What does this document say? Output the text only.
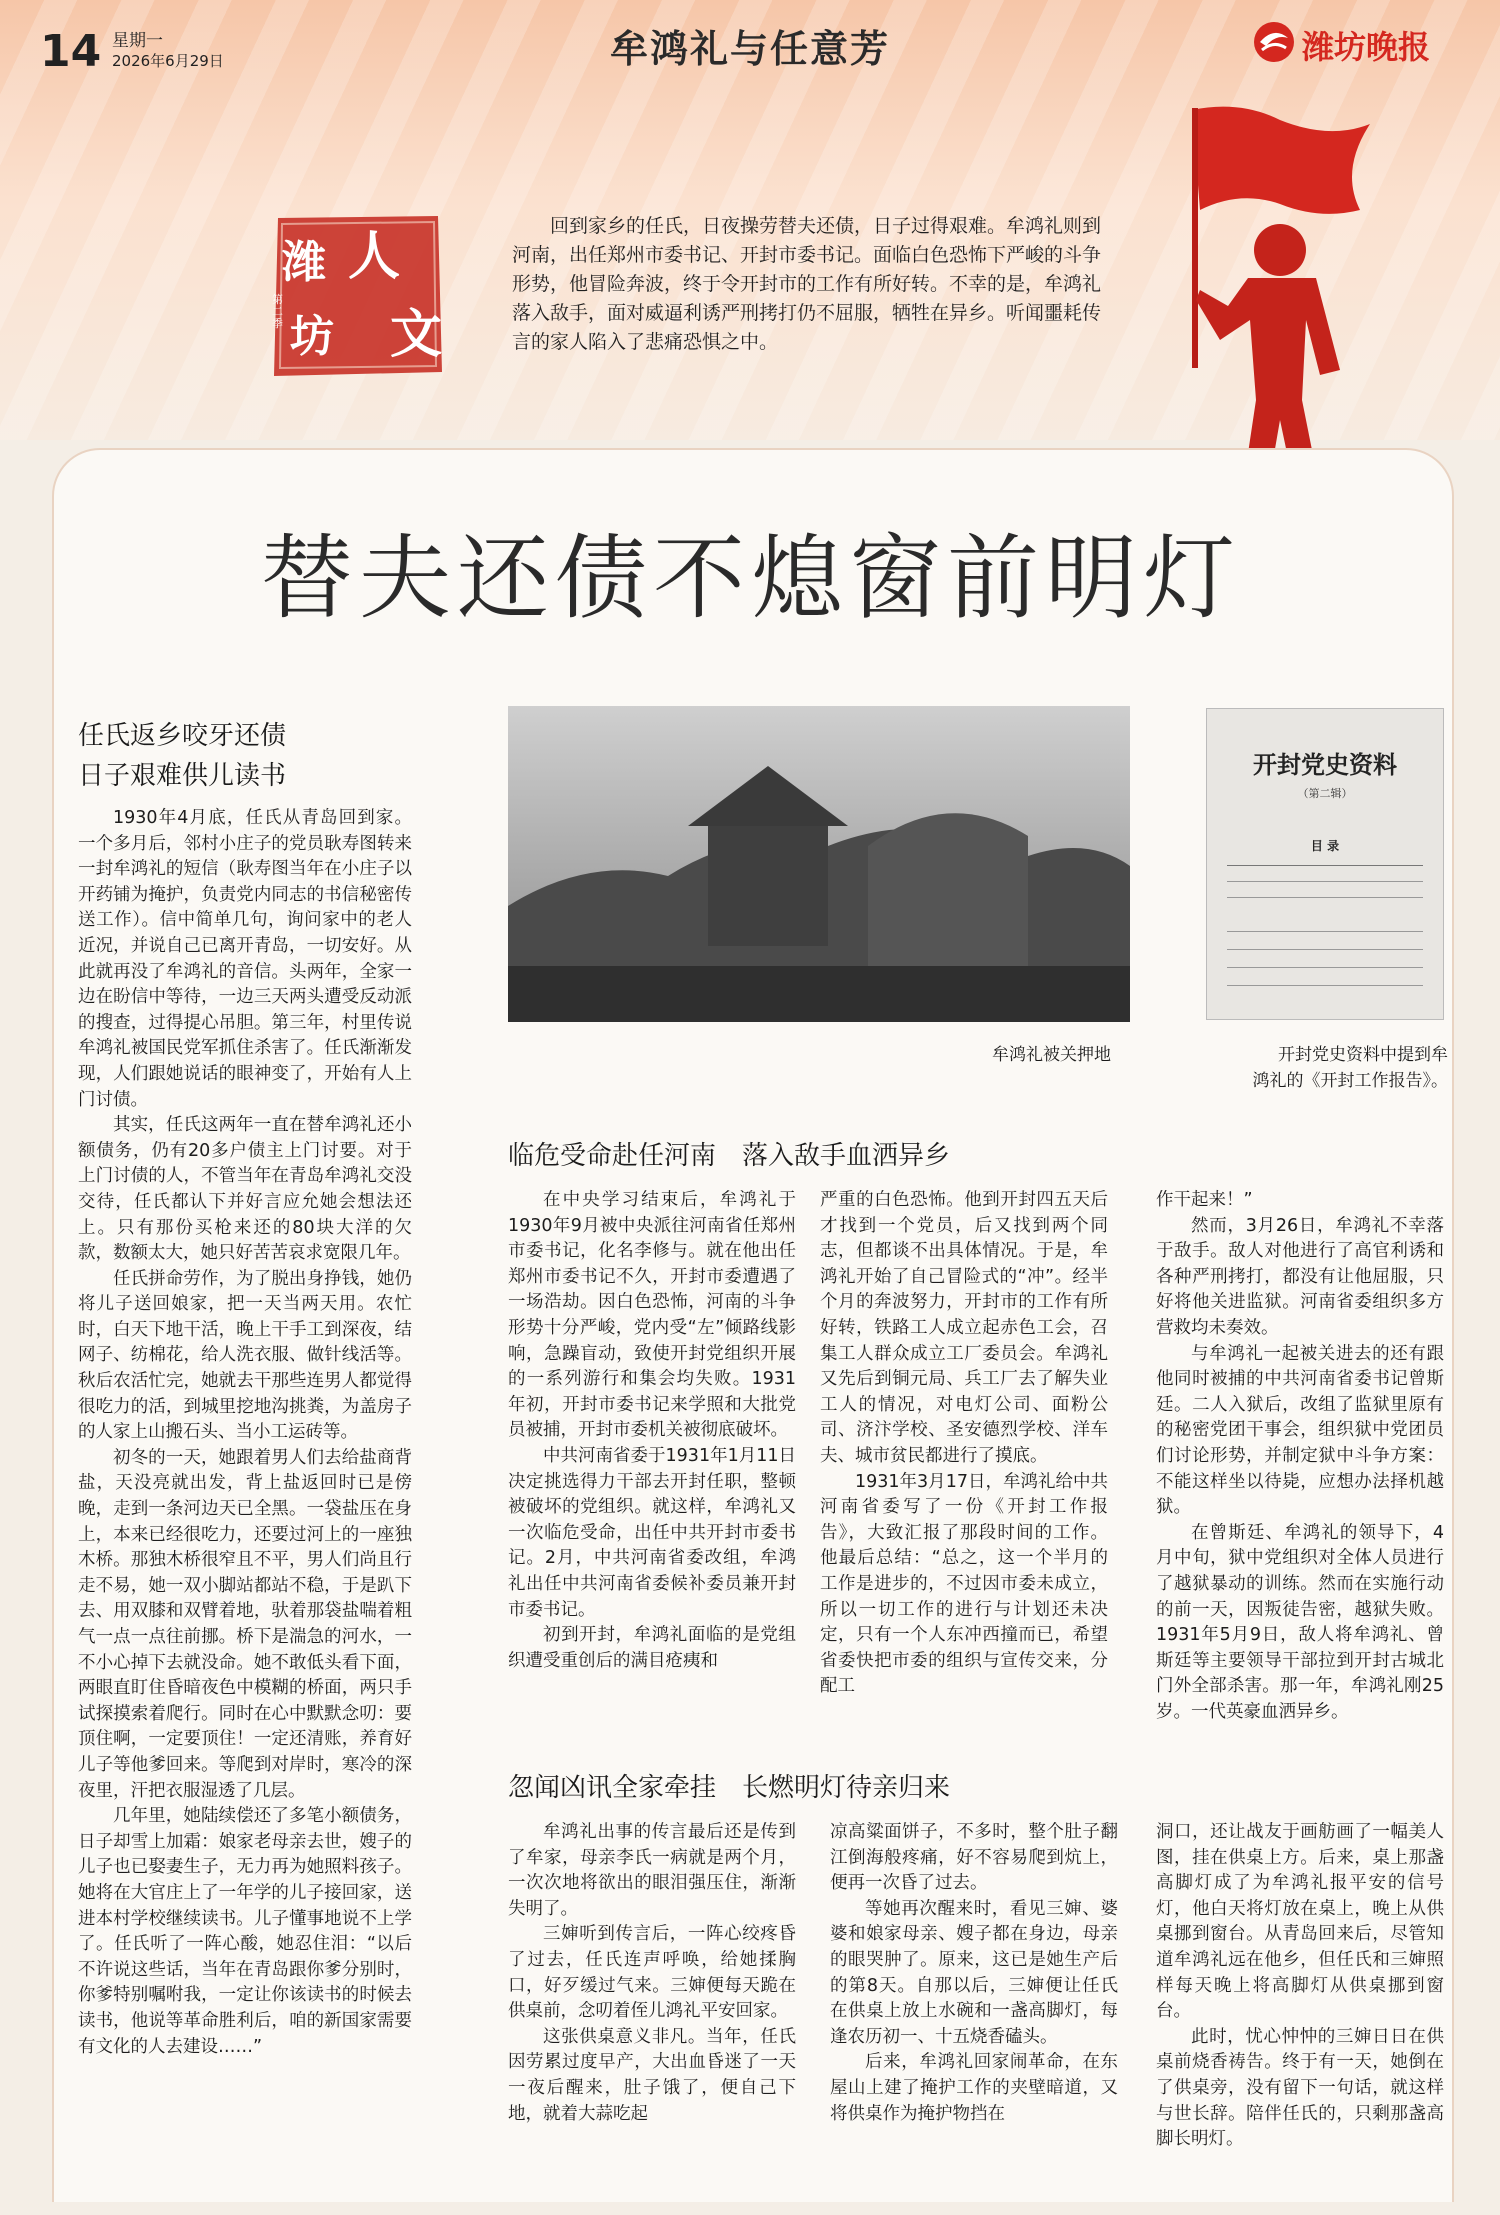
14 星期一
2026年6月29日	牟鸿礼与任意芳	潍坊晚报
人
文
潍
坊
第二季
回到家乡的任氏，日夜操劳替夫还债，日子过得艰难。牟鸿礼则到河南，出任郑州市委书记、开封市委书记。面临白色恐怖下严峻的斗争形势，他冒险奔波，终于令开封市的工作有所好转。不幸的是，牟鸿礼落入敌手，面对威逼利诱严刑拷打仍不屈服，牺牲在异乡。听闻噩耗传言的家人陷入了悲痛恐惧之中。
替夫还债不熄窗前明灯
任氏返乡咬牙还债
日子艰难供儿读书

1930年4月底，任氏从青岛回到家。一个多月后，邻村小庄子的党员耿寿图转来一封牟鸿礼的短信（耿寿图当年在小庄子以开药铺为掩护，负责党内同志的书信秘密传送工作）。信中简单几句，询问家中的老人近况，并说自己已离开青岛，一切安好。从此就再没了牟鸿礼的音信。头两年，全家一边在盼信中等待，一边三天两头遭受反动派的搜查，过得提心吊胆。第三年，村里传说牟鸿礼被国民党军抓住杀害了。任氏渐渐发现，人们跟她说话的眼神变了，开始有人上门讨债。

其实，任氏这两年一直在替牟鸿礼还小额债务，仍有20多户债主上门讨要。对于上门讨债的人，不管当年在青岛牟鸿礼交没交待，任氏都认下并好言应允她会想法还上。只有那份买枪来还的80块大洋的欠款，数额太大，她只好苦苦哀求宽限几年。

任氏拼命劳作，为了脱出身挣钱，她仍将儿子送回娘家，把一天当两天用。农忙时，白天下地干活，晚上干手工到深夜，结网子、纺棉花，给人洗衣服、做针线活等。秋后农活忙完，她就去干那些连男人都觉得很吃力的活，到城里挖地沟挑粪，为盖房子的人家上山搬石头、当小工运砖等。

初冬的一天，她跟着男人们去给盐商背盐，天没亮就出发，背上盐返回时已是傍晚，走到一条河边天已全黑。一袋盐压在身上，本来已经很吃力，还要过河上的一座独木桥。那独木桥很窄且不平，男人们尚且行走不易，她一双小脚站都站不稳，于是趴下去、用双膝和双臂着地，驮着那袋盐喘着粗气一点一点往前挪。桥下是湍急的河水，一不小心掉下去就没命。她不敢低头看下面，两眼直盯住昏暗夜色中模糊的桥面，两只手试探摸索着爬行。同时在心中默默念叨：要顶住啊，一定要顶住！一定还清账，养育好儿子等他爹回来。等爬到对岸时，寒冷的深夜里，汗把衣服湿透了几层。

几年里，她陆续偿还了多笔小额债务，日子却雪上加霜：娘家老母亲去世，嫂子的儿子也已娶妻生子，无力再为她照料孩子。她将在大官庄上了一年学的儿子接回家，送进本村学校继续读书。儿子懂事地说不上学了。任氏听了一阵心酸，她忍住泪：“以后不许说这些话，当年在青岛跟你爹分别时，你爹特别嘱咐我，一定让你该读书的时候去读书，他说等革命胜利后，咱的新国家需要有文化的人去建设……”

牟鸿礼被关押地
开封党史资料
（第二辑）
目 录
开封党史资料中提到牟
鸿礼的《开封工作报告》。
临危受命赴任河南　落入敌手血洒异乡

在中央学习结束后，牟鸿礼于1930年9月被中央派往河南省任郑州市委书记，化名李修与。就在他出任郑州市委书记不久，开封市委遭遇了一场浩劫。因白色恐怖，河南的斗争形势十分严峻，党内受“左”倾路线影响，急躁盲动，致使开封党组织开展的一系列游行和集会均失败。1931年初，开封市委书记来学照和大批党员被捕，开封市委机关被彻底破坏。

中共河南省委于1931年1月11日决定挑选得力干部去开封任职，整顿被破坏的党组织。就这样，牟鸿礼又一次临危受命，出任中共开封市委书记。2月，中共河南省委改组，牟鸿礼出任中共河南省委候补委员兼开封市委书记。

初到开封，牟鸿礼面临的是党组织遭受重创后的满目疮痍和

严重的白色恐怖。他到开封四五天后才找到一个党员，后又找到两个同志，但都谈不出具体情况。于是，牟鸿礼开始了自己冒险式的“冲”。经半个月的奔波努力，开封市的工作有所好转，铁路工人成立起赤色工会，召集工人群众成立工厂委员会。牟鸿礼又先后到铜元局、兵工厂去了解失业工人的情况，对电灯公司、面粉公司、济汴学校、圣安德烈学校、洋车夫、城市贫民都进行了摸底。

1931年3月17日，牟鸿礼给中共河南省委写了一份《开封工作报告》，大致汇报了那段时间的工作。他最后总结：“总之，这一个半月的工作是进步的，不过因市委未成立，所以一切工作的进行与计划还未决定，只有一个人东冲西撞而已，希望省委快把市委的组织与宣传交来，分配工

作干起来！”

然而，3月26日，牟鸿礼不幸落于敌手。敌人对他进行了高官利诱和各种严刑拷打，都没有让他屈服，只好将他关进监狱。河南省委组织多方营救均未奏效。

与牟鸿礼一起被关进去的还有跟他同时被捕的中共河南省委书记曾斯廷。二人入狱后，改组了监狱里原有的秘密党团干事会，组织狱中党团员们讨论形势，并制定狱中斗争方案：不能这样坐以待毙，应想办法择机越狱。

在曾斯廷、牟鸿礼的领导下，4月中旬，狱中党组织对全体人员进行了越狱暴动的训练。然而在实施行动的前一天，因叛徒告密，越狱失败。1931年5月9日，敌人将牟鸿礼、曾斯廷等主要领导干部拉到开封古城北门外全部杀害。那一年，牟鸿礼刚25岁。一代英豪血洒异乡。

忽闻凶讯全家牵挂　长燃明灯待亲归来

牟鸿礼出事的传言最后还是传到了牟家，母亲李氏一病就是两个月，一次次地将欲出的眼泪强压住，渐渐失明了。

三婶听到传言后，一阵心绞疼昏了过去，任氏连声呼唤，给她揉胸口，好歹缓过气来。三婶便每天跪在供桌前，念叨着侄儿鸿礼平安回家。

这张供桌意义非凡。当年，任氏因劳累过度早产，大出血昏迷了一天一夜后醒来，肚子饿了，便自己下地，就着大蒜吃起

凉高粱面饼子，不多时，整个肚子翻江倒海般疼痛，好不容易爬到炕上，便再一次昏了过去。

等她再次醒来时，看见三婶、婆婆和娘家母亲、嫂子都在身边，母亲的眼哭肿了。原来，这已是她生产后的第8天。自那以后，三婶便让任氏在供桌上放上水碗和一盏高脚灯，每逢农历初一、十五烧香磕头。

后来，牟鸿礼回家闹革命，在东屋山上建了掩护工作的夹壁暗道，又将供桌作为掩护物挡在

洞口，还让战友于画舫画了一幅美人图，挂在供桌上方。后来，桌上那盏高脚灯成了为牟鸿礼报平安的信号灯，他白天将灯放在桌上，晚上从供桌挪到窗台。从青岛回来后，尽管知道牟鸿礼远在他乡，但任氏和三婶照样每天晚上将高脚灯从供桌挪到窗台。

此时，忧心忡忡的三婶日日在供桌前烧香祷告。终于有一天，她倒在了供桌旁，没有留下一句话，就这样与世长辞。陪伴任氏的，只剩那盏高脚长明灯。
